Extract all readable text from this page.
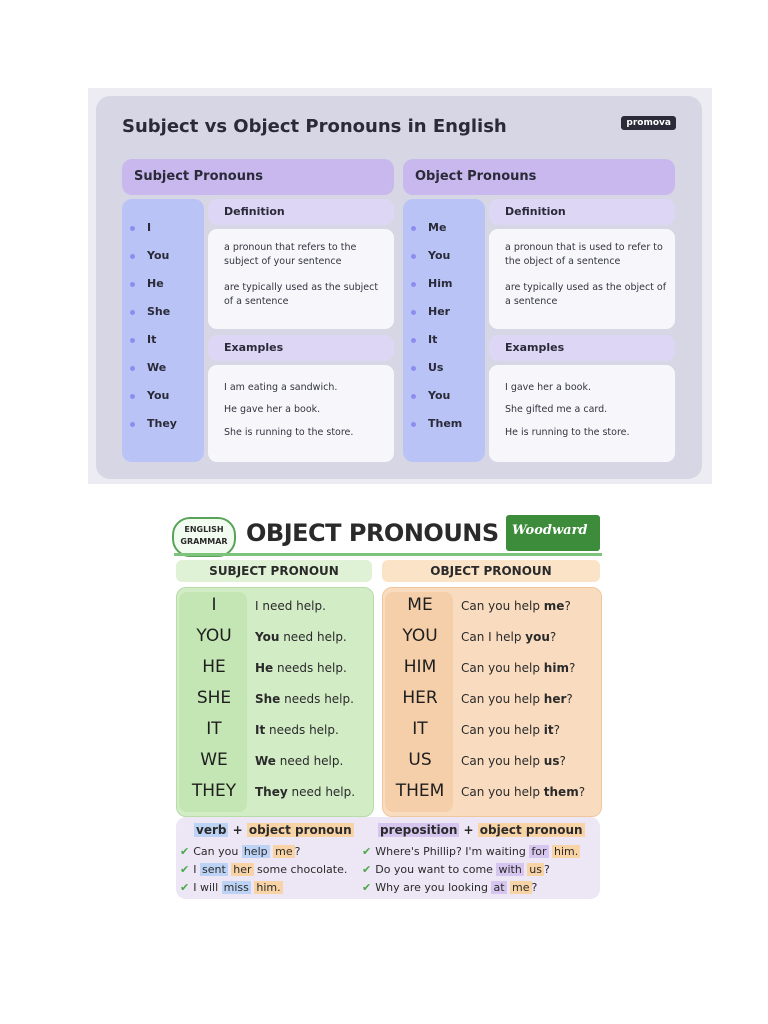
Subject vs Object Pronouns in English	promova
Subject Pronouns
I
You
He
She
It
We
You
They
Definition
a pronoun that refers to the subject of your sentence
are typically used as the subject of a sentence
Examples
I am eating a sandwich.
He gave her a book.
She is running to the store.
Object Pronouns
Me
You
Him
Her
It
Us
You
Them
Definition
a pronoun that is used to refer to the object of a sentence
are typically used as the object of a sentence
Examples
I gave her a book.
She gifted me a card.
He is running to the store.
ENGLISH
GRAMMAR OBJECT PRONOUNS Woodward
SUBJECT PRONOUN	OBJECT PRONOUN
I	I need help.
YOU	You need help.
HE	He needs help.
SHE	She needs help.
IT	It needs help.
WE	We need help.
THEY	They need help.
ME	Can you help me?
YOU	Can I help you?
HIM	Can you help him?
HER	Can you help her?
IT	Can you help it?
US	Can you help us?
THEM	Can you help them?
verb + object pronoun preposition + object pronoun
✔ Can you help me ?
✔ I sent her some chocolate.
✔ I will miss him.
✔ Where's Phillip? I'm waiting for him.
✔ Do you want to come with us ?
✔ Why are you looking at me ?
